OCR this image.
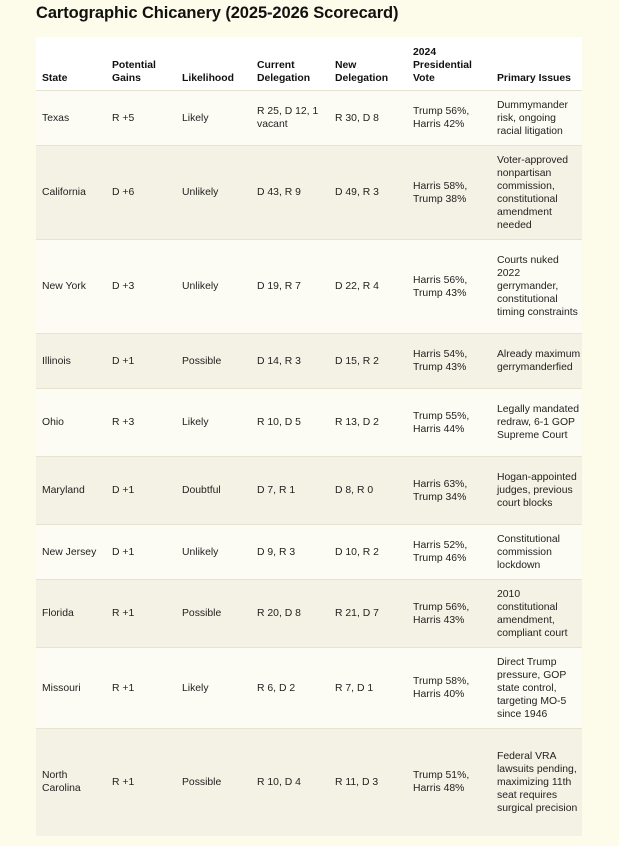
Cartographic Chicanery (2025-2026 Scorecard)
State	Potential Gains	Likelihood	Current Delegation	New Delegation	2024 Presidential Vote	Primary Issues
Texas	R +5	Likely	R 25, D 12, 1 vacant	R 30, D 8	Trump 56%, Harris 42%	Dummymander risk, ongoing racial litigation
California	D +6	Unlikely	D 43, R 9	D 49, R 3	Harris 58%, Trump 38%	Voter-approved nonpartisan commission, constitutional amendment needed
New York	D +3	Unlikely	D 19, R 7	D 22, R 4	Harris 56%, Trump 43%	Courts nuked 2022 gerrymander, constitutional timing constraints
Illinois	D +1	Possible	D 14, R 3	D 15, R 2	Harris 54%, Trump 43%	Already maximum gerrymanderfied
Ohio	R +3	Likely	R 10, D 5	R 13, D 2	Trump 55%, Harris 44%	Legally mandated redraw, 6-1 GOP Supreme Court
Maryland	D +1	Doubtful	D 7, R 1	D 8, R 0	Harris 63%, Trump 34%	Hogan-appointed judges, previous court blocks
New Jersey	D +1	Unlikely	D 9, R 3	D 10, R 2	Harris 52%, Trump 46%	Constitutional commission lockdown
Florida	R +1	Possible	R 20, D 8	R 21, D 7	Trump 56%, Harris 43%	2010 constitutional amendment, compliant court
Missouri	R +1	Likely	R 6, D 2	R 7, D 1	Trump 58%, Harris 40%	Direct Trump pressure, GOP state control, targeting MO-5 since 1946
North Carolina	R +1	Possible	R 10, D 4	R 11, D 3	Trump 51%, Harris 48%	Federal VRA lawsuits pending, maximizing 11th seat requires surgical precision
